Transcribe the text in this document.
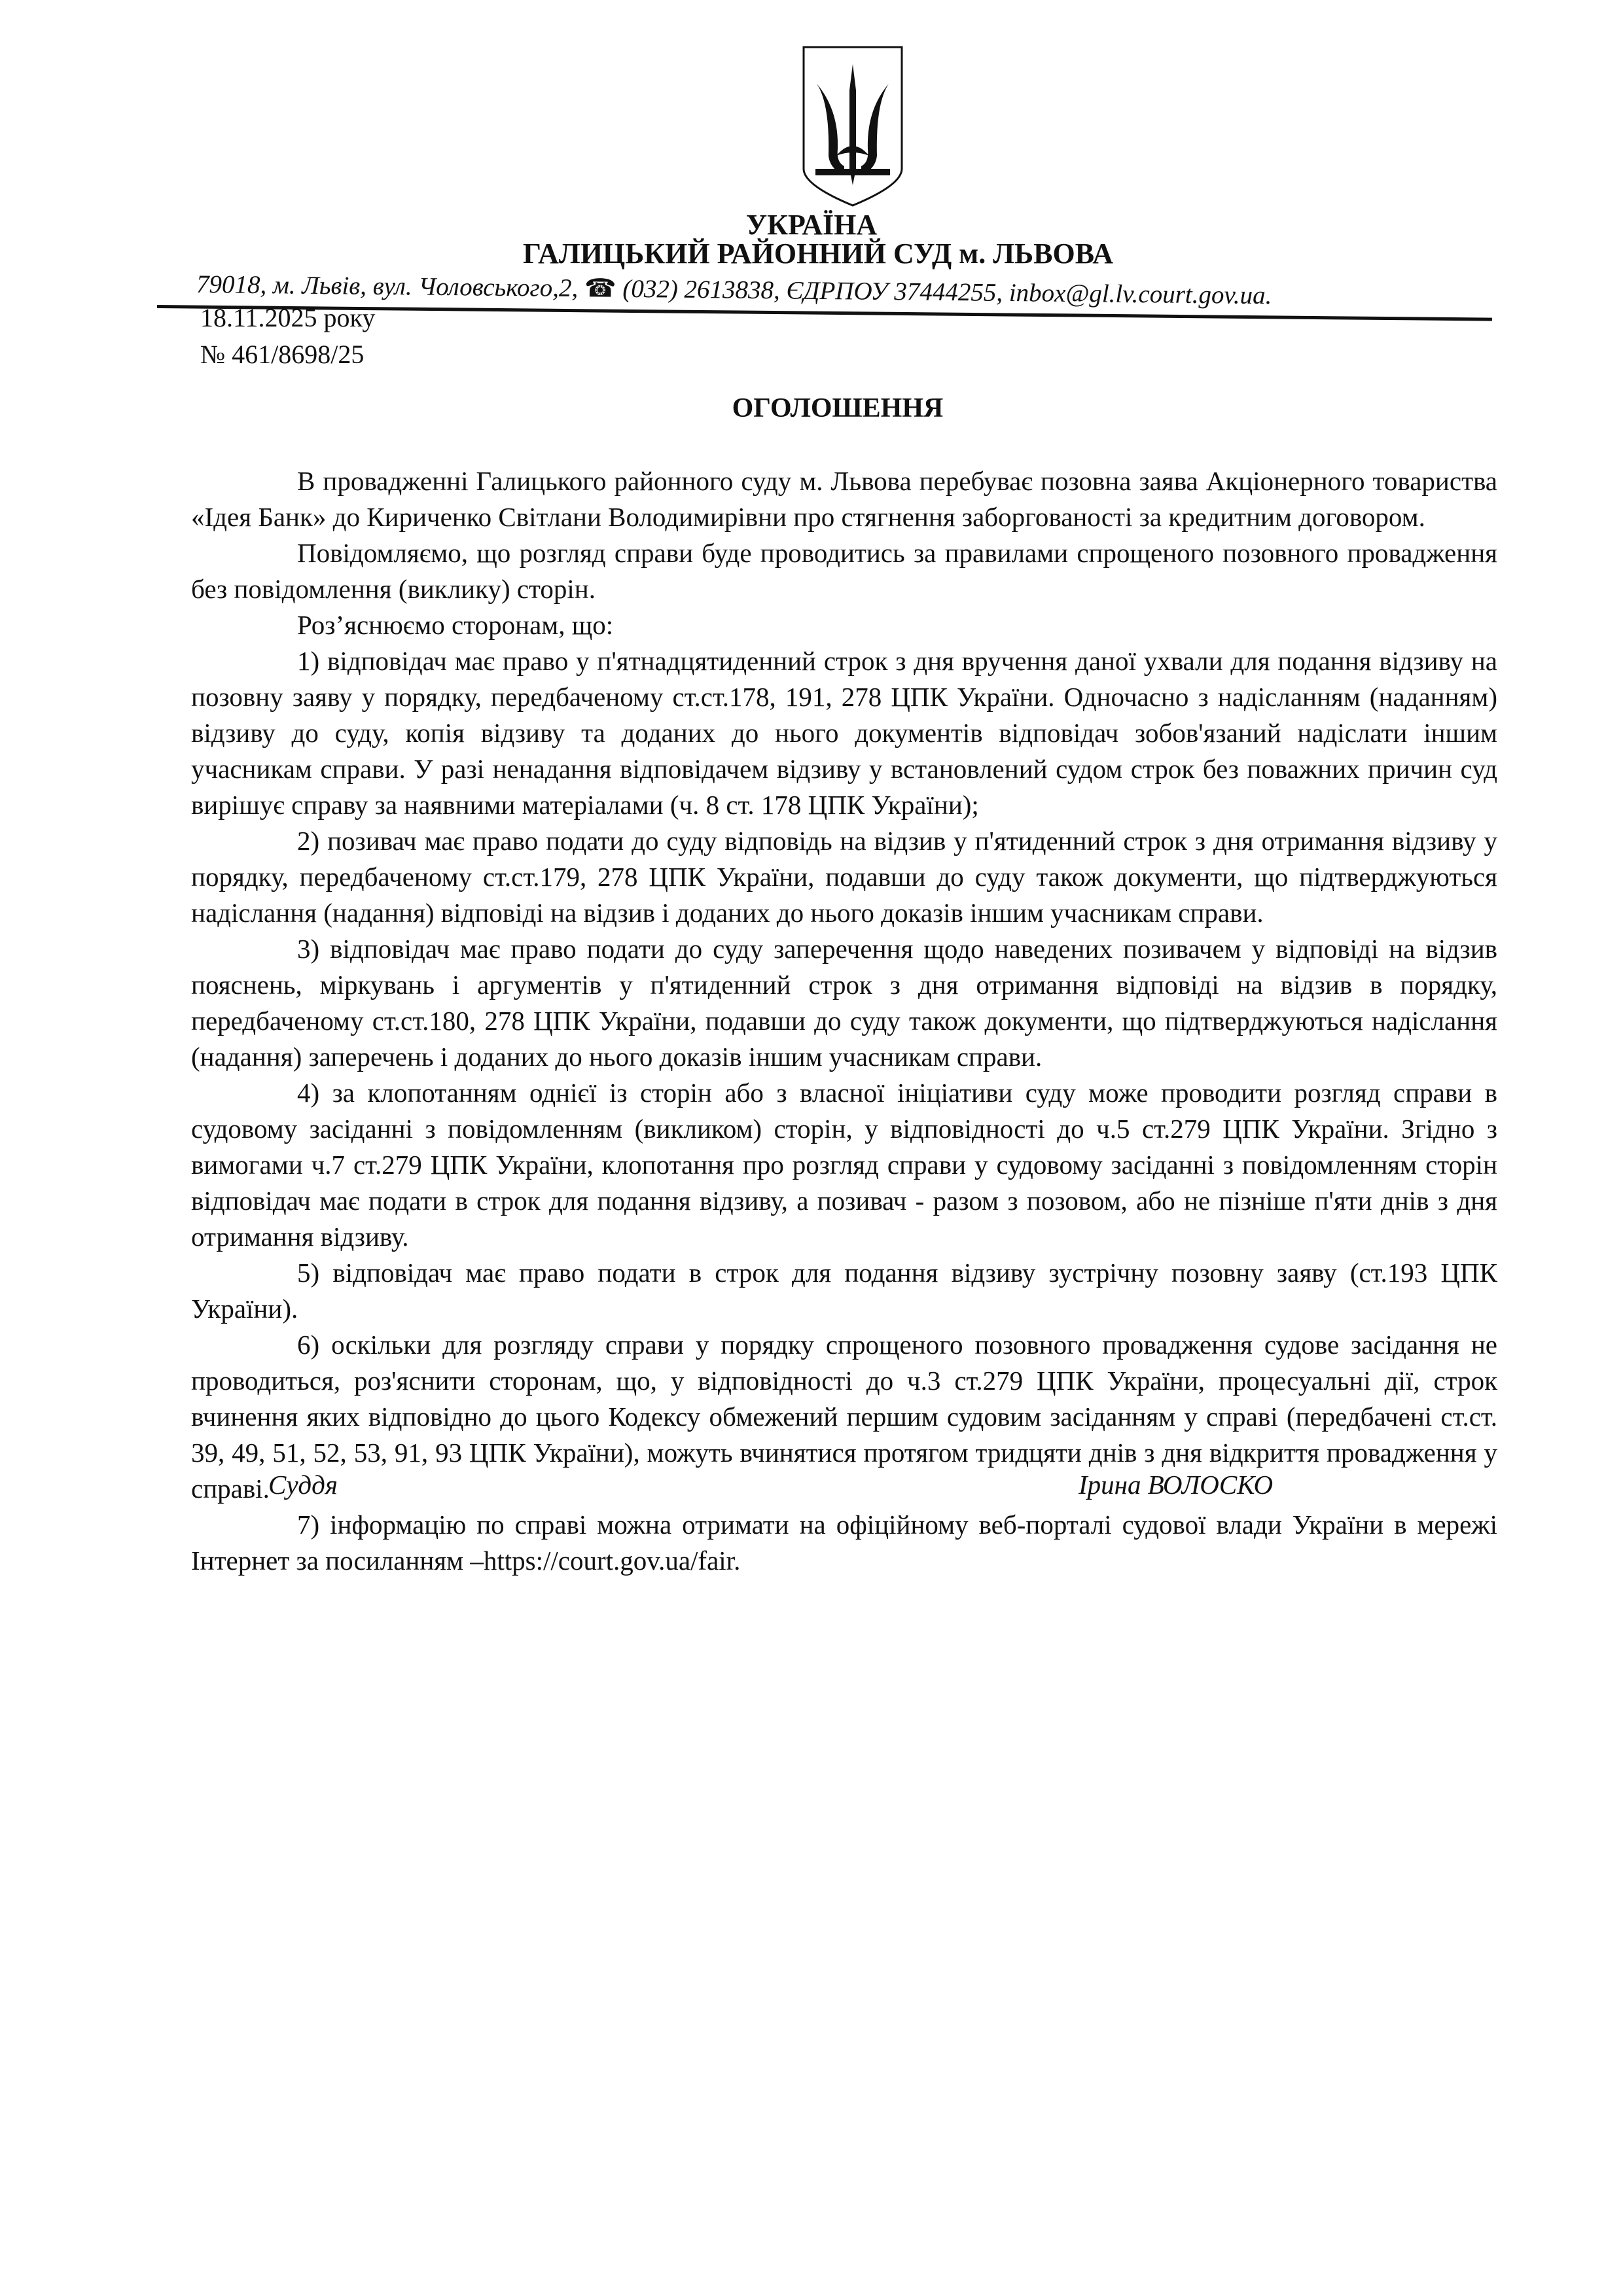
УКРАЇНА
ГАЛИЦЬКИЙ РАЙОННИЙ СУД м. ЛЬВОВА
79018, м. Львів, вул. Чоловського,2, ☎ (032) 2613838, ЄДРПОУ 37444255, inbox@gl.lv.court.gov.ua.
18.11.2025 року
№ 461/8698/25
ОГОЛОШЕННЯ

В провадженні Галицького районного суду м. Львова перебуває позовна заява Акціонерного товариства «Ідея Банк» до Кириченко Світлани Володимирівни про стягнення заборгованості за кредитним договором.

Повідомляємо, що розгляд справи буде проводитись за правилами спрощеного позовного провадження без повідомлення (виклику) сторін.

Роз’яснюємо сторонам, що:

1) відповідач має право у п'ятнадцятиденний строк з дня вручення даної ухвали для подання відзиву на позовну заяву у порядку, передбаченому ст.ст.178, 191, 278 ЦПК України. Одночасно з надісланням (наданням) відзиву до суду, копія відзиву та доданих до нього документів відповідач зобов'язаний надіслати іншим учасникам справи. У разі ненадання відповідачем відзиву у встановлений судом строк без поважних причин суд вирішує справу за наявними матеріалами (ч. 8 ст. 178 ЦПК України);

2) позивач має право подати до суду відповідь на відзив у п'ятиденний строк з дня отримання відзиву у порядку, передбаченому ст.ст.179, 278 ЦПК України, подавши до суду також документи, що підтверджуються надіслання (надання) відповіді на відзив і доданих до нього доказів іншим учасникам справи.

3) відповідач має право подати до суду заперечення щодо наведених позивачем у відповіді на відзив пояснень, міркувань і аргументів у п'ятиденний строк з дня отримання відповіді на відзив в порядку, передбаченому ст.ст.180, 278 ЦПК України, подавши до суду також документи, що підтверджуються надіслання (надання) заперечень і доданих до нього доказів іншим учасникам справи.

4) за клопотанням однієї із сторін або з власної ініціативи суду може проводити розгляд справи в судовому засіданні з повідомленням (викликом) сторін, у відповідності до ч.5 ст.279 ЦПК України. Згідно з вимогами ч.7 ст.279 ЦПК України, клопотання про розгляд справи у судовому засіданні з повідомленням сторін відповідач має подати в строк для подання відзиву, а позивач - разом з позовом, або не пізніше п'яти днів з дня отримання відзиву.

5) відповідач має право подати в строк для подання відзиву зустрічну позовну заяву (ст.193 ЦПК України).

6) оскільки для розгляду справи у порядку спрощеного позовного провадження судове засідання не проводиться, роз'яснити сторонам, що, у відповідності до ч.3 ст.279 ЦПК України, процесуальні дії, строк вчинення яких відповідно до цього Кодексу обмежений першим судовим засіданням у справі (передбачені ст.ст. 39, 49, 51, 52, 53, 91, 93 ЦПК України), можуть вчинятися протягом тридцяти днів з дня відкриття провадження у справі.

7) інформацію по справі можна отримати на офіційному веб-порталі судової влади України в мережі Інтернет за посиланням –https://court.gov.ua/fair.

Суддя	Ірина ВОЛОСКО
